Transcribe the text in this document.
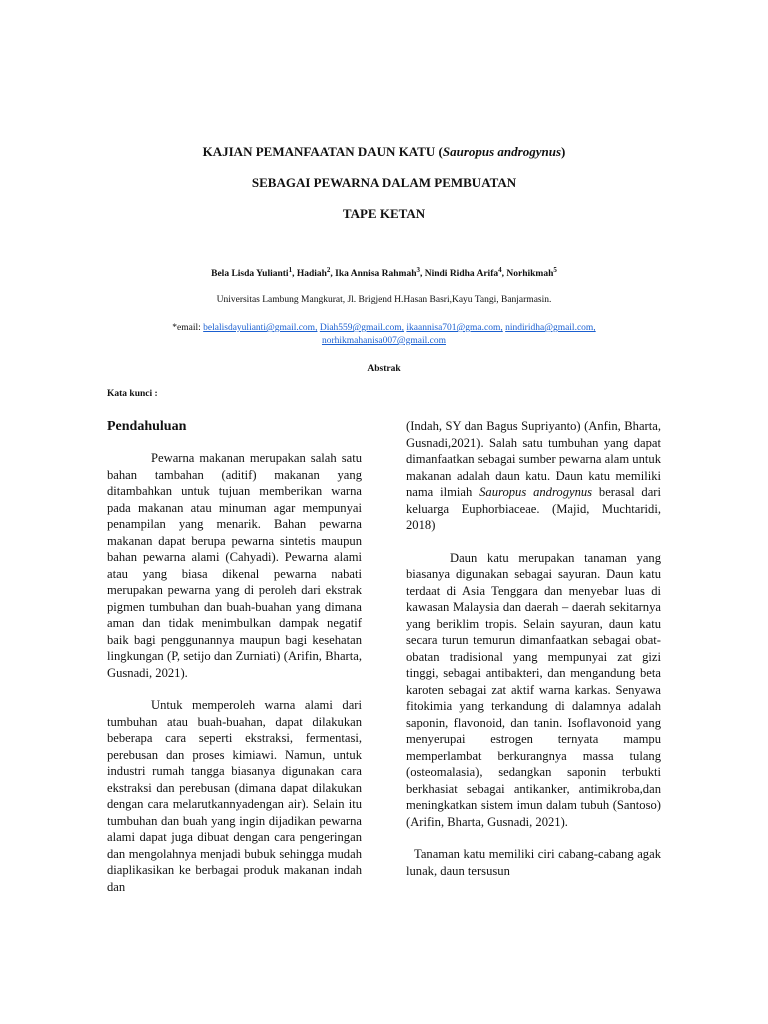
KAJIAN PEMANFAATAN DAUN KATU (Sauropus androgynus)
SEBAGAI PEWARNA DALAM PEMBUATAN
TAPE KETAN
Bela Lisda Yulianti$^1$, Hadiah$^2$, Ika Annisa Rahmah$^3$, Nindi Ridha Arifa$^4$, Norhikmah$^5$
Universitas Lambung Mangkurat, Jl. Brigjend H.Hasan Basri,Kayu Tangi, Banjarmasin.
*email: belalisdayulianti@gmail.com, Diah559@gmail.com, ikaannisa701@gma.com, nindiridha@gmail.com,
norhikmahanisa007@gmail.com
Abstrak
Kata kunci :
Pendahuluan

Pewarna makanan merupakan salah satu bahan tambahan (aditif) makanan yang ditambahkan untuk tujuan memberikan warna pada makanan atau minuman agar mempunyai penampilan yang menarik. Bahan pewarna makanan dapat berupa pewarna sintetis maupun bahan pewarna alami (Cahyadi). Pewarna alami atau yang biasa dikenal pewarna nabati merupakan pewarna yang di peroleh dari ekstrak pigmen tumbuhan dan buah-buahan yang dimana aman dan tidak menimbulkan dampak negatif baik bagi penggunannya maupun bagi kesehatan lingkungan (P, setijo dan Zurniati) (Arifin, Bharta, Gusnadi, 2021).

Untuk memperoleh warna alami dari tumbuhan atau buah-buahan, dapat dilakukan beberapa cara seperti ekstraksi, fermentasi, perebusan dan proses kimiawi. Namun, untuk industri rumah tangga biasanya digunakan cara ekstraksi dan perebusan (dimana dapat dilakukan dengan cara melarutkannyadengan air). Selain itu tumbuhan dan buah yang ingin dijadikan pewarna alami dapat juga dibuat dengan cara pengeringan dan mengolahnya menjadi bubuk sehingga mudah diaplikasikan ke berbagai produk makanan indah dan

(Indah, SY dan Bagus Supriyanto) (Anfin, Bharta, Gusnadi,2021). Salah satu tumbuhan yang dapat dimanfaatkan sebagai sumber pewarna alam untuk makanan adalah daun katu. Daun katu memiliki nama ilmiah Sauropus androgynus berasal dari keluarga Euphorbiaceae. (Majid, Muchtaridi, 2018)

Daun katu merupakan tanaman yang biasanya digunakan sebagai sayuran. Daun katu terdaat di Asia Tenggara dan menyebar luas di kawasan Malaysia dan daerah – daerah sekitarnya yang beriklim tropis. Selain sayuran, daun katu secara turun temurun dimanfaatkan sebagai obat-obatan tradisional yang mempunyai zat gizi tinggi, sebagai antibakteri, dan mengandung beta karoten sebagai zat aktif warna karkas. Senyawa fitokimia yang terkandung di dalamnya adalah saponin, flavonoid, dan tanin. Isoflavonoid yang menyerupai estrogen ternyata mampu memperlambat berkurangnya massa tulang (osteomalasia), sedangkan saponin terbukti berkhasiat sebagai antikanker, antimikroba,dan meningkatkan sistem imun dalam tubuh (Santoso) (Arifin, Bharta, Gusnadi, 2021).

Tanaman katu memiliki ciri cabang-cabang agak lunak, daun tersusun
